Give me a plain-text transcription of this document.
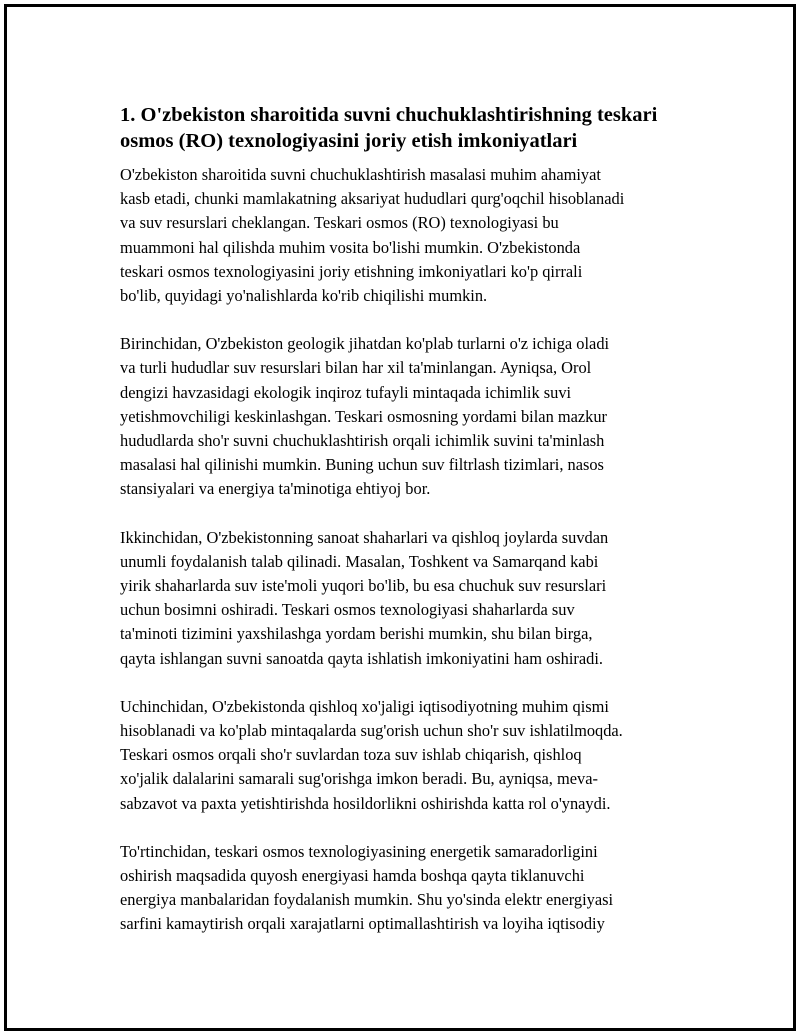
1. O'zbekiston sharoitida suvni chuchuklashtirishning teskari
osmos (RO) texnologiyasini joriy etish imkoniyatlari

O'zbekiston sharoitida suvni chuchuklashtirish masalasi muhim ahamiyat
kasb etadi, chunki mamlakatning aksariyat hududlari qurg'oqchil hisoblanadi
va suv resurslari cheklangan. Teskari osmos (RO) texnologiyasi bu
muammoni hal qilishda muhim vosita bo'lishi mumkin. O'zbekistonda
teskari osmos texnologiyasini joriy etishning imkoniyatlari ko'p qirrali
bo'lib, quyidagi yo'nalishlarda ko'rib chiqilishi mumkin.

Birinchidan, O'zbekiston geologik jihatdan ko'plab turlarni o'z ichiga oladi
va turli hududlar suv resurslari bilan har xil ta'minlangan. Ayniqsa, Orol
dengizi havzasidagi ekologik inqiroz tufayli mintaqada ichimlik suvi
yetishmovchiligi keskinlashgan. Teskari osmosning yordami bilan mazkur
hududlarda sho'r suvni chuchuklashtirish orqali ichimlik suvini ta'minlash
masalasi hal qilinishi mumkin. Buning uchun suv filtrlash tizimlari, nasos
stansiyalari va energiya ta'minotiga ehtiyoj bor.

Ikkinchidan, O'zbekistonning sanoat shaharlari va qishloq joylarda suvdan
unumli foydalanish talab qilinadi. Masalan, Toshkent va Samarqand kabi
yirik shaharlarda suv iste'moli yuqori bo'lib, bu esa chuchuk suv resurslari
uchun bosimni oshiradi. Teskari osmos texnologiyasi shaharlarda suv
ta'minoti tizimini yaxshilashga yordam berishi mumkin, shu bilan birga,
qayta ishlangan suvni sanoatda qayta ishlatish imkoniyatini ham oshiradi.

Uchinchidan, O'zbekistonda qishloq xo'jaligi iqtisodiyotning muhim qismi
hisoblanadi va ko'plab mintaqalarda sug'orish uchun sho'r suv ishlatilmoqda.
Teskari osmos orqali sho'r suvlardan toza suv ishlab chiqarish, qishloq
xo'jalik dalalarini samarali sug'orishga imkon beradi. Bu, ayniqsa, meva-
sabzavot va paxta yetishtirishda hosildorlikni oshirishda katta rol o'ynaydi.

To'rtinchidan, teskari osmos texnologiyasining energetik samaradorligini
oshirish maqsadida quyosh energiyasi hamda boshqa qayta tiklanuvchi
energiya manbalaridan foydalanish mumkin. Shu yo'sinda elektr energiyasi
sarfini kamaytirish orqali xarajatlarni optimallashtirish va loyiha iqtisodiy
